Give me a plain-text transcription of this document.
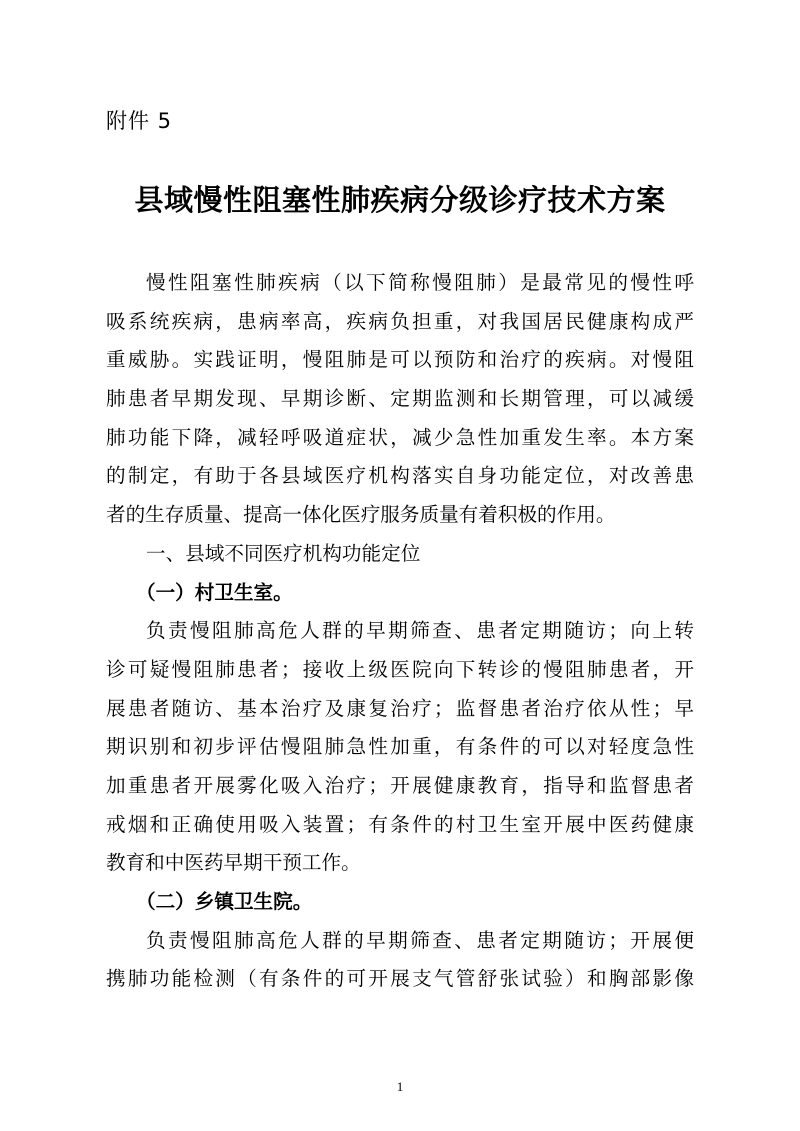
附件 5
县域慢性阻塞性肺疾病分级诊疗技术方案
慢性阻塞性肺疾病（以下简称慢阻肺）是最常见的慢性呼
吸系统疾病，患病率高，疾病负担重，对我国居民健康构成严
重威胁。实践证明，慢阻肺是可以预防和治疗的疾病。对慢阻
肺患者早期发现、早期诊断、定期监测和长期管理，可以减缓
肺功能下降，减轻呼吸道症状，减少急性加重发生率。本方案
的制定，有助于各县域医疗机构落实自身功能定位，对改善患
者的生存质量、提高一体化医疗服务质量有着积极的作用。
一、县域不同医疗机构功能定位
（一）村卫生室。
负责慢阻肺高危人群的早期筛查、患者定期随访；向上转
诊可疑慢阻肺患者；接收上级医院向下转诊的慢阻肺患者，开
展患者随访、基本治疗及康复治疗；监督患者治疗依从性；早
期识别和初步评估慢阻肺急性加重，有条件的可以对轻度急性
加重患者开展雾化吸入治疗；开展健康教育，指导和监督患者
戒烟和正确使用吸入装置；有条件的村卫生室开展中医药健康
教育和中医药早期干预工作。
（二）乡镇卫生院。
负责慢阻肺高危人群的早期筛查、患者定期随访；开展便
携肺功能检测（有条件的可开展支气管舒张试验）和胸部影像
1
